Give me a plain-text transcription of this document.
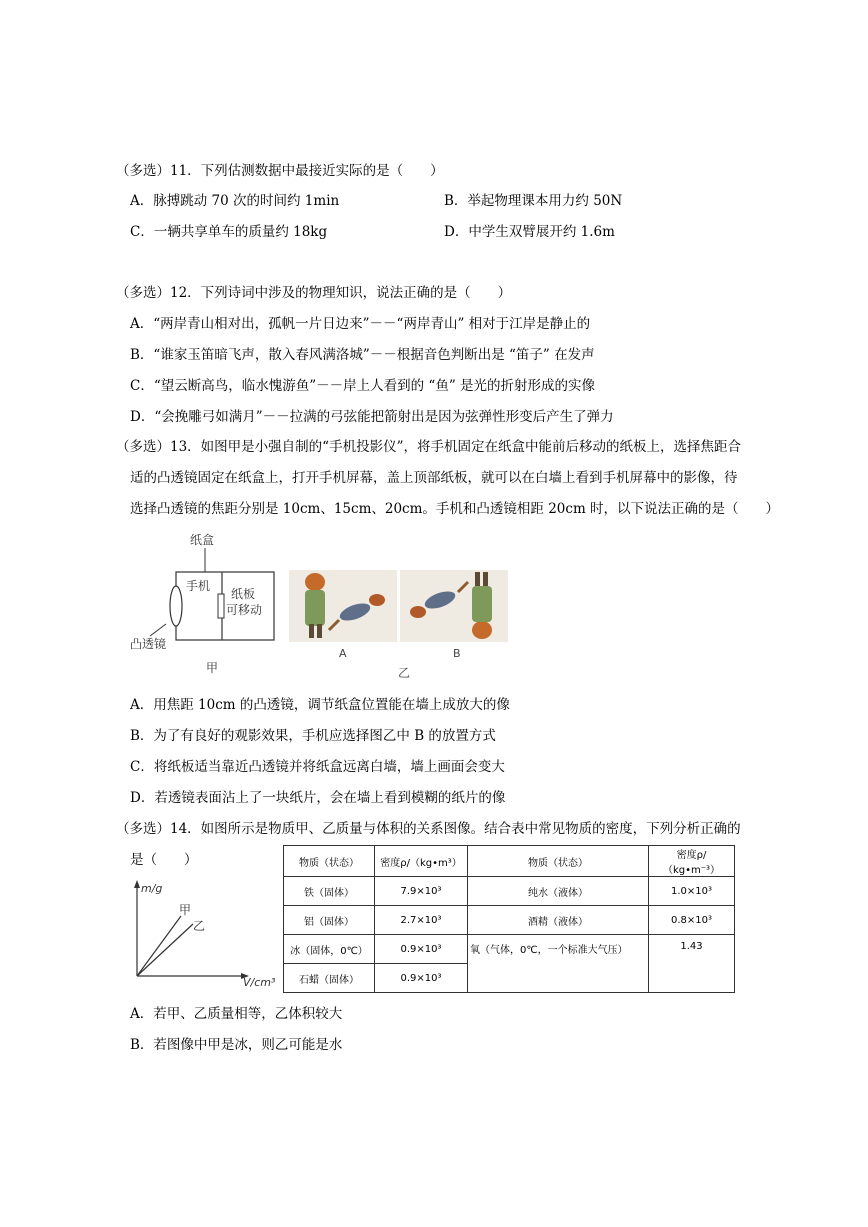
（多选）11．下列估测数据中最接近实际的是（　　）
A．脉搏跳动 70 次的时间约 1min	B．举起物理课本用力约 50N
C．一辆共享单车的质量约 18kg	D．中学生双臂展开约 1.6m
（多选）12．下列诗词中涉及的物理知识，说法正确的是（　　）
A．“两岸青山相对出，孤帆一片日边来”－－“两岸青山” 相对于江岸是静止的
B．“谁家玉笛暗飞声，散入春风满洛城”－－根据音色判断出是 “笛子” 在发声
C．“望云断高鸟，临水愧游鱼”－－岸上人看到的 “鱼” 是光的折射形成的实像
D．“会挽雕弓如满月”－－拉满的弓弦能把箭射出是因为弦弹性形变后产生了弹力
（多选）13．如图甲是小强自制的“手机投影仪”，将手机固定在纸盒中能前后移动的纸板上，选择焦距合
适的凸透镜固定在纸盒上，打开手机屏幕，盖上顶部纸板，就可以在白墙上看到手机屏幕中的影像，待
选择凸透镜的焦距分别是 10cm、15cm、20cm。手机和凸透镜相距 20cm 时，以下说法正确的是（　　）
纸盒
手机
纸板
可移动
凸透镜
甲
A	B
乙
A．用焦距 10cm 的凸透镜，调节纸盒位置能在墙上成放大的像
B．为了有良好的观影效果，手机应选择图乙中 B 的放置方式
C．将纸板适当靠近凸透镜并将纸盒远离白墙，墙上画面会变大
D．若透镜表面沾上了一块纸片，会在墙上看到模糊的纸片的像
（多选）14．如图所示是物质甲、乙质量与体积的关系图像。结合表中常见物质的密度，下列分析正确的
是（　　）
m/g
V/cm³
甲
乙
物质（状态）	密度ρ/（kg•m³）	物质（状态）	密度ρ/（kg•m⁻³）
铁（固体）	7.9×10³	纯水（液体）	1.0×10³
铝（固体）	2.7×10³	酒精（液体）	0.8×10³
冰（固体，0℃）	0.9×10³	氧（气体，0℃，一个标准大气压）	1.43
石蜡（固体）	0.9×10³		
A．若甲、乙质量相等，乙体积较大
B．若图像中甲是冰，则乙可能是水
